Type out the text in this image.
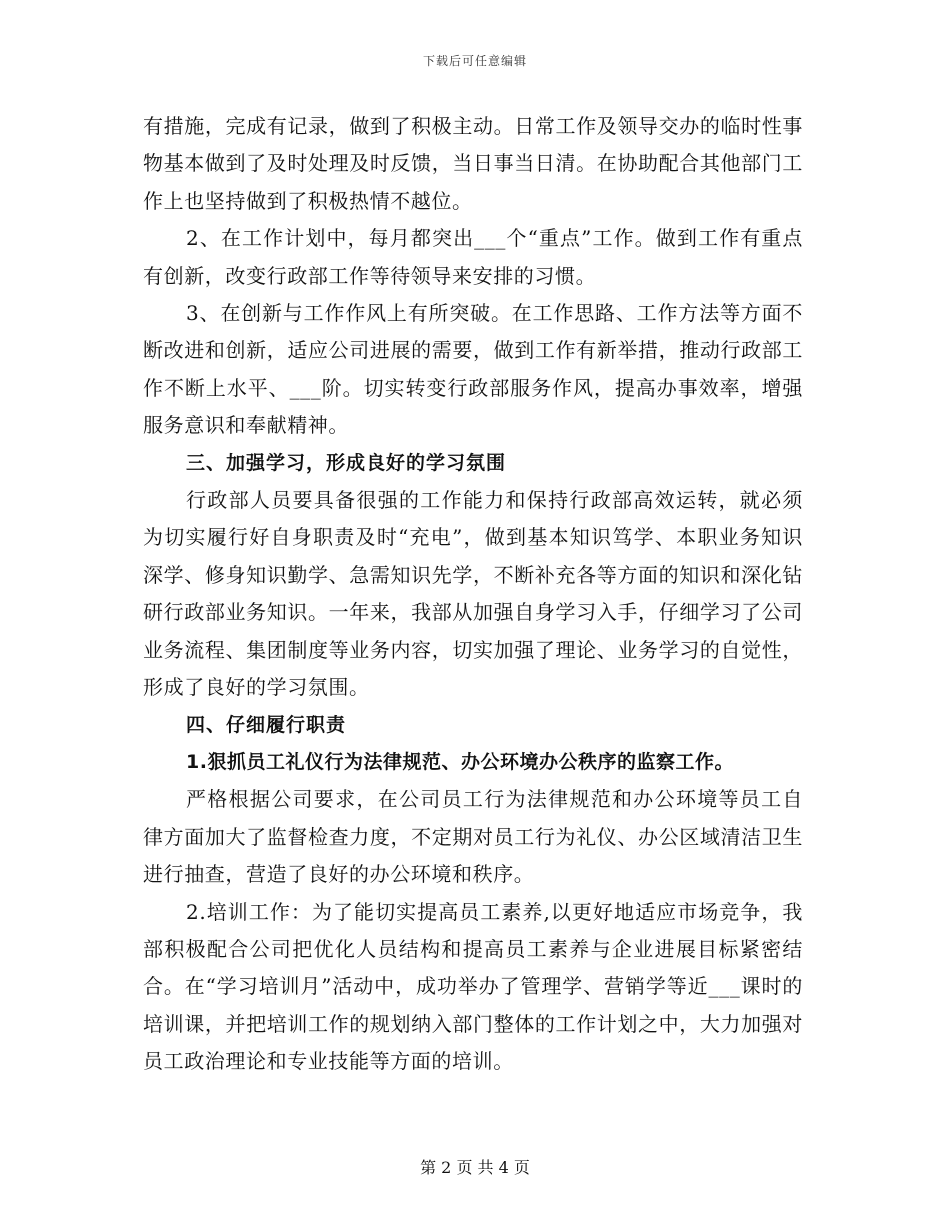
下载后可任意编辑

有措施，完成有记录，做到了积极主动。日常工作及领导交办的临时性事物基本做到了及时处理及时反馈，当日事当日清。在协助配合其他部门工作上也坚持做到了积极热情不越位。

2、在工作计划中，每月都突出___个“重点”工作。做到工作有重点有创新，改变行政部工作等待领导来安排的习惯。

3、在创新与工作作风上有所突破。在工作思路、工作方法等方面不断改进和创新，适应公司进展的需要，做到工作有新举措，推动行政部工作不断上水平、___阶。切实转变行政部服务作风，提高办事效率，增强服务意识和奉献精神。

三、加强学习，形成良好的学习氛围

行政部人员要具备很强的工作能力和保持行政部高效运转，就必须为切实履行好自身职责及时“充电”，做到基本知识笃学、本职业务知识深学、修身知识勤学、急需知识先学，不断补充各等方面的知识和深化钻研行政部业务知识。一年来，我部从加强自身学习入手，仔细学习了公司业务流程、集团制度等业务内容，切实加强了理论、业务学习的自觉性，形成了良好的学习氛围。

四、仔细履行职责

1.狠抓员工礼仪行为法律规范、办公环境办公秩序的监察工作。

严格根据公司要求，在公司员工行为法律规范和办公环境等员工自律方面加大了监督检查力度，不定期对员工行为礼仪、办公区域清洁卫生进行抽查，营造了良好的办公环境和秩序。

2.培训工作：为了能切实提高员工素养,以更好地适应市场竞争，我部积极配合公司把优化人员结构和提高员工素养与企业进展目标紧密结合。在“学习培训月”活动中，成功举办了管理学、营销学等近___课时的培训课，并把培训工作的规划纳入部门整体的工作计划之中，大力加强对员工政治理论和专业技能等方面的培训。

第 2 页 共 4 页
